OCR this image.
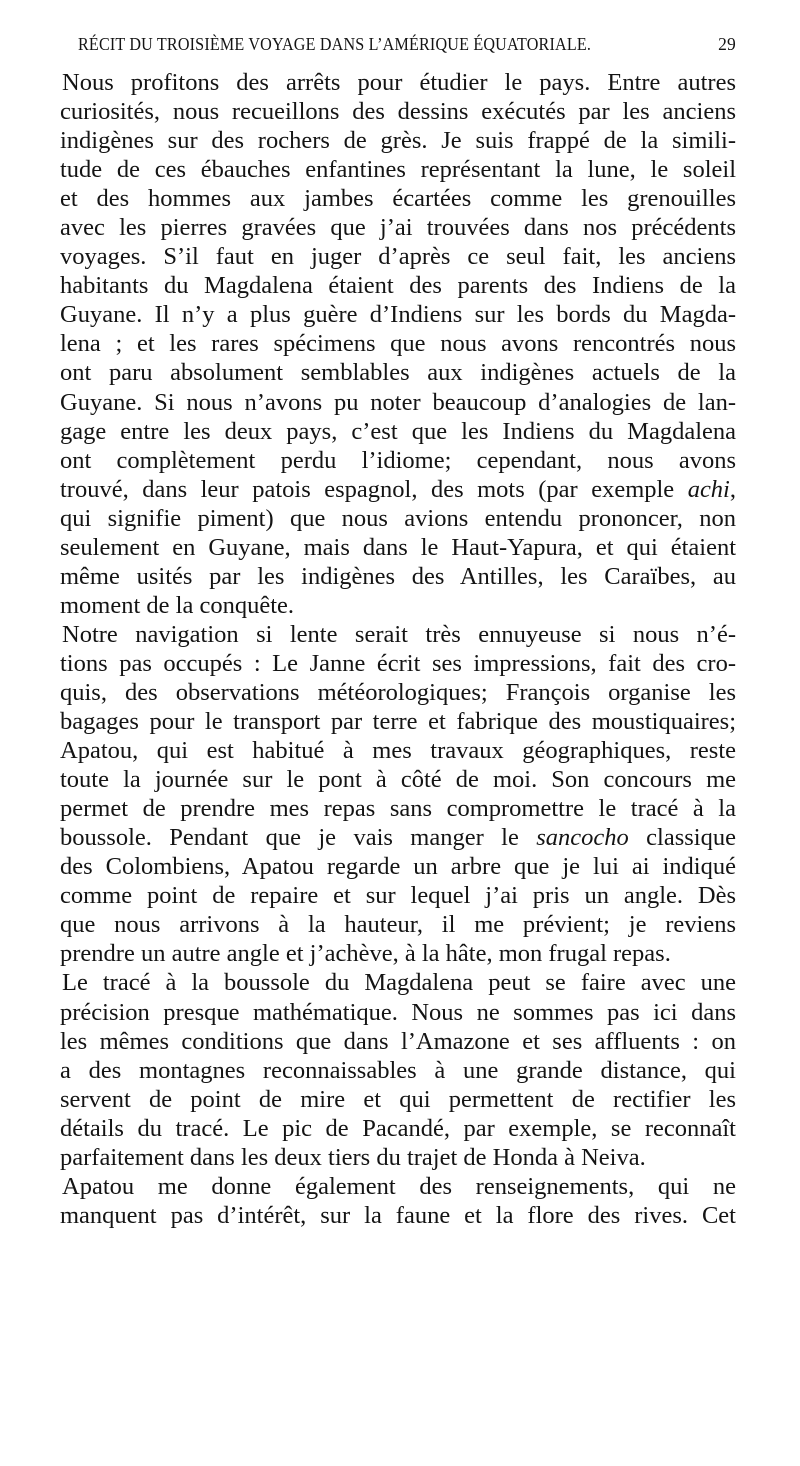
RÉCIT DU TROISIÈME VOYAGE DANS L’AMÉRIQUE ÉQUATORIALE.	29
Nous profitons des arrêts pour étudier le pays. Entre autres
curiosités, nous recueillons des dessins exécutés par les anciens
indigènes sur des rochers de grès. Je suis frappé de la simili-
tude de ces ébauches enfantines représentant la lune, le soleil
et des hommes aux jambes écartées comme les grenouilles
avec les pierres gravées que j’ai trouvées dans nos précédents
voyages. S’il faut en juger d’après ce seul fait, les anciens
habitants du Magdalena étaient des parents des Indiens de la
Guyane. Il n’y a plus guère d’Indiens sur les bords du Magda-
lena ; et les rares spécimens que nous avons rencontrés nous
ont paru absolument semblables aux indigènes actuels de la
Guyane. Si nous n’avons pu noter beaucoup d’analogies de lan-
gage entre les deux pays, c’est que les Indiens du Magdalena
ont complètement perdu l’idiome; cependant, nous avons
trouvé, dans leur patois espagnol, des mots (par exemple achi,
qui signifie piment) que nous avions entendu prononcer, non
seulement en Guyane, mais dans le Haut-Yapura, et qui étaient
même usités par les indigènes des Antilles, les Caraïbes, au
moment de la conquête.
Notre navigation si lente serait très ennuyeuse si nous n’é-
tions pas occupés : Le Janne écrit ses impressions, fait des cro-
quis, des observations météorologiques; François organise les
bagages pour le transport par terre et fabrique des moustiquaires;
Apatou, qui est habitué à mes travaux géographiques, reste
toute la journée sur le pont à côté de moi. Son concours me
permet de prendre mes repas sans compromettre le tracé à la
boussole. Pendant que je vais manger le sancocho classique
des Colombiens, Apatou regarde un arbre que je lui ai indiqué
comme point de repaire et sur lequel j’ai pris un angle. Dès
que nous arrivons à la hauteur, il me prévient; je reviens
prendre un autre angle et j’achève, à la hâte, mon frugal repas.
Le tracé à la boussole du Magdalena peut se faire avec une
précision presque mathématique. Nous ne sommes pas ici dans
les mêmes conditions que dans l’Amazone et ses affluents : on
a des montagnes reconnaissables à une grande distance, qui
servent de point de mire et qui permettent de rectifier les
détails du tracé. Le pic de Pacandé, par exemple, se reconnaît
parfaitement dans les deux tiers du trajet de Honda à Neiva.
Apatou me donne également des renseignements, qui ne
manquent pas d’intérêt, sur la faune et la flore des rives. Cet
